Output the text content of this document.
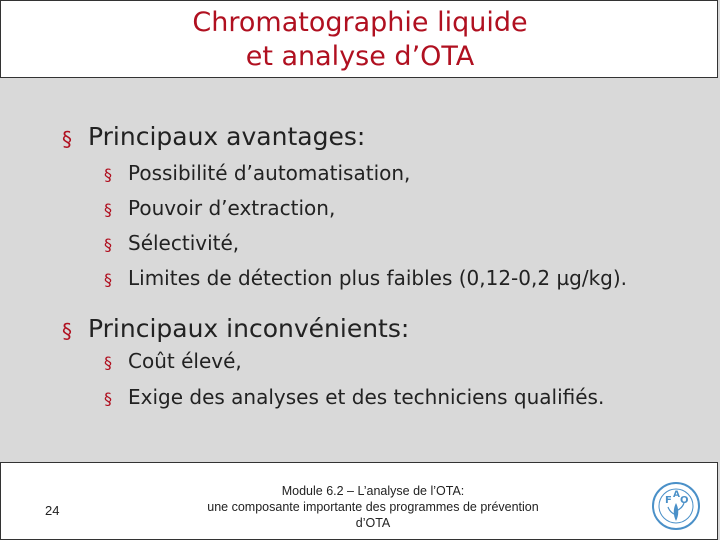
Chromatographie liquide
et analyse d’OTA
§ Principaux avantages:
§ Possibilité d’automatisation,
§ Pouvoir d’extraction,
§ Sélectivité,
§ Limites de détection plus faibles (0,12-0,2 µg/kg).
§ Principaux inconvénients:
§ Coût élevé,
§ Exige des analyses et des techniciens qualifiés.
24
Module 6.2 – L’analyse de l’OTA:
une composante importante des programmes de prévention
d’OTA
F O
A
